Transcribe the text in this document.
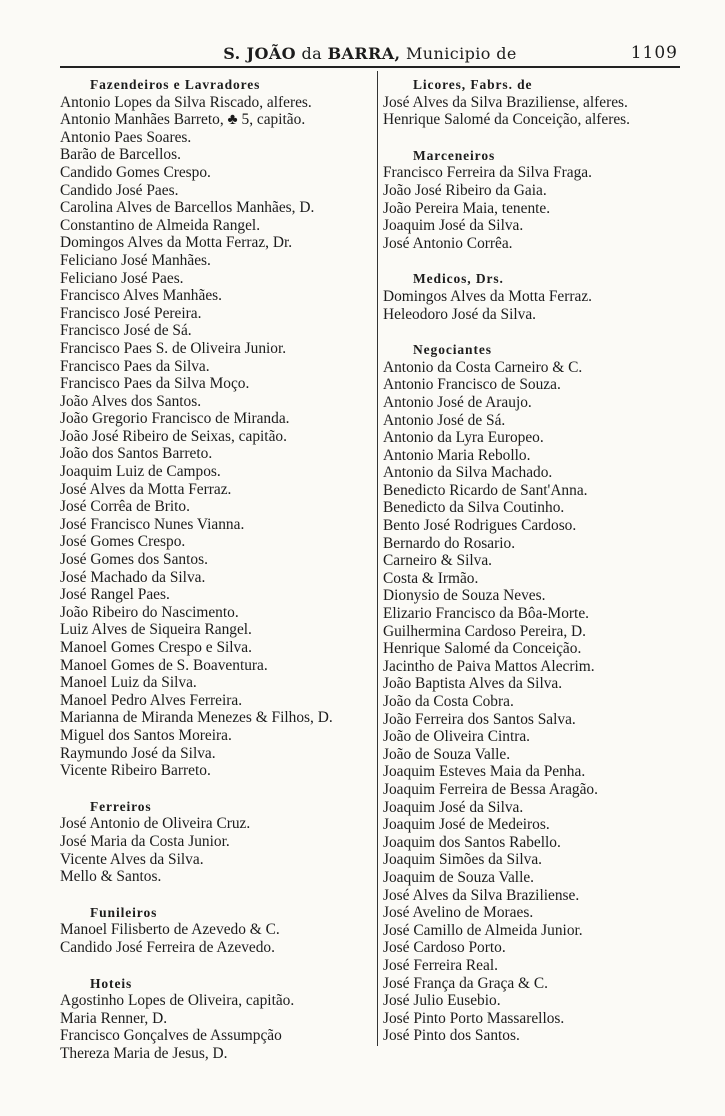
S. JOÃO da BARRA, Municipio de	1109
Fazendeiros e Lavradores
Antonio Lopes da Silva Riscado, alferes.
Antonio Manhães Barreto, ♣ 5, capitão.
Antonio Paes Soares.
Barão de Barcellos.
Candido Gomes Crespo.
Candido José Paes.
Carolina Alves de Barcellos Manhães, D.
Constantino de Almeida Rangel.
Domingos Alves da Motta Ferraz, Dr.
Feliciano José Manhães.
Feliciano José Paes.
Francisco Alves Manhães.
Francisco José Pereira.
Francisco José de Sá.
Francisco Paes S. de Oliveira Junior.
Francisco Paes da Silva.
Francisco Paes da Silva Moço.
João Alves dos Santos.
João Gregorio Francisco de Miranda.
João José Ribeiro de Seixas, capitão.
João dos Santos Barreto.
Joaquim Luiz de Campos.
José Alves da Motta Ferraz.
José Corrêa de Brito.
José Francisco Nunes Vianna.
José Gomes Crespo.
José Gomes dos Santos.
José Machado da Silva.
José Rangel Paes.
João Ribeiro do Nascimento.
Luiz Alves de Siqueira Rangel.
Manoel Gomes Crespo e Silva.
Manoel Gomes de S. Boaventura.
Manoel Luiz da Silva.
Manoel Pedro Alves Ferreira.
Marianna de Miranda Menezes & Filhos, D.
Miguel dos Santos Moreira.
Raymundo José da Silva.
Vicente Ribeiro Barreto.
Ferreiros
José Antonio de Oliveira Cruz.
José Maria da Costa Junior.
Vicente Alves da Silva.
Mello & Santos.
Funileiros
Manoel Filisberto de Azevedo & C.
Candido José Ferreira de Azevedo.
Hoteis
Agostinho Lopes de Oliveira, capitão.
Maria Renner, D.
Francisco Gonçalves de Assumpção
Thereza Maria de Jesus, D.
Licores, Fabrs. de
José Alves da Silva Braziliense, alferes.
Henrique Salomé da Conceição, alferes.
Marceneiros
Francisco Ferreira da Silva Fraga.
João José Ribeiro da Gaia.
João Pereira Maia, tenente.
Joaquim José da Silva.
José Antonio Corrêa.
Medicos, Drs.
Domingos Alves da Motta Ferraz.
Heleodoro José da Silva.
Negociantes
Antonio da Costa Carneiro & C.
Antonio Francisco de Souza.
Antonio José de Araujo.
Antonio José de Sá.
Antonio da Lyra Europeo.
Antonio Maria Rebollo.
Antonio da Silva Machado.
Benedicto Ricardo de Sant'Anna.
Benedicto da Silva Coutinho.
Bento José Rodrigues Cardoso.
Bernardo do Rosario.
Carneiro & Silva.
Costa & Irmão.
Dionysio de Souza Neves.
Elizario Francisco da Bôa-Morte.
Guilhermina Cardoso Pereira, D.
Henrique Salomé da Conceição.
Jacintho de Paiva Mattos Alecrim.
João Baptista Alves da Silva.
João da Costa Cobra.
João Ferreira dos Santos Salva.
João de Oliveira Cintra.
João de Souza Valle.
Joaquim Esteves Maia da Penha.
Joaquim Ferreira de Bessa Aragão.
Joaquim José da Silva.
Joaquim José de Medeiros.
Joaquim dos Santos Rabello.
Joaquim Simões da Silva.
Joaquim de Souza Valle.
José Alves da Silva Braziliense.
José Avelino de Moraes.
José Camillo de Almeida Junior.
José Cardoso Porto.
José Ferreira Real.
José França da Graça & C.
José Julio Eusebio.
José Pinto Porto Massarellos.
José Pinto dos Santos.
